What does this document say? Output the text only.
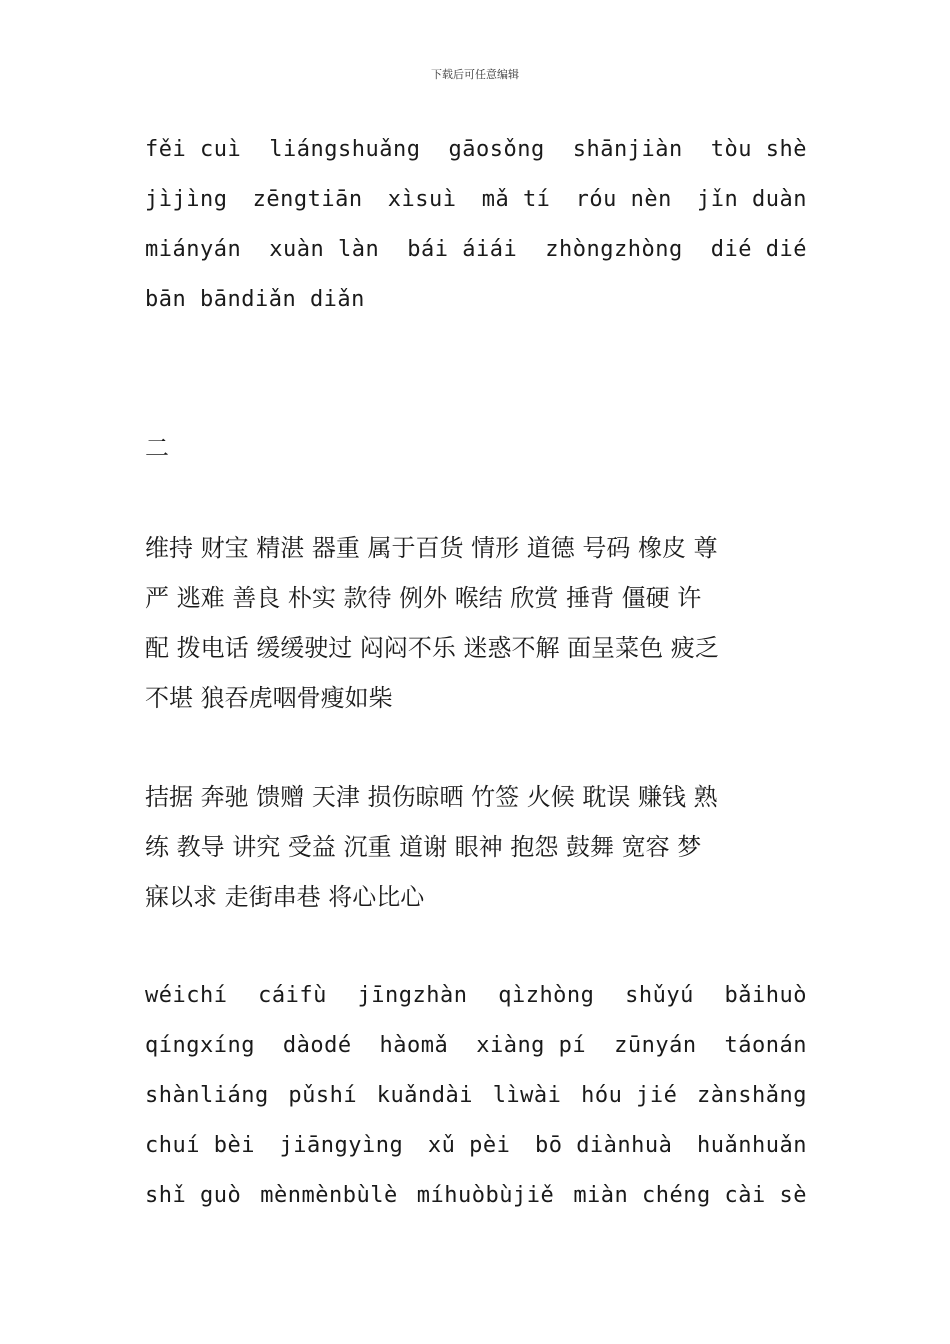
下载后可任意编辑
fěi cuì liángshuǎng gāosǒng shānjiàn tòu shè
jìjìng zēngtiān xìsuì mǎ tí róu nèn jǐn duàn
miányán xuàn làn bái áiái zhòngzhòng dié dié
bān bāndiǎn diǎn
二
维持 财宝 精湛 器重 属于百货 情形 道德 号码 橡皮 尊
严 逃难 善良 朴实 款待 例外 喉结 欣赏 捶背 僵硬 许
配 拨电话 缓缓驶过 闷闷不乐 迷惑不解 面呈菜色 疲乏
不堪 狼吞虎咽骨瘦如柴
拮据 奔驰 馈赠 天津 损伤晾晒 竹签 火候 耽误 赚钱 熟
练 教导 讲究 受益 沉重 道谢 眼神 抱怨 鼓舞 宽容 梦
寐以求 走街串巷 将心比心
wéichí cáifù jīngzhàn qìzhòng shǔyú bǎihuò
qíngxíng dàodé hàomǎ xiàng pí zūnyán táonán
shànliáng pǔshí kuǎndài lìwài hóu jié zànshǎng
chuí bèi jiāngyìng xǔ pèi bō diànhuà huǎnhuǎn
shǐ guò mènmènbùlè míhuòbùjiě miàn chéng cài sè
